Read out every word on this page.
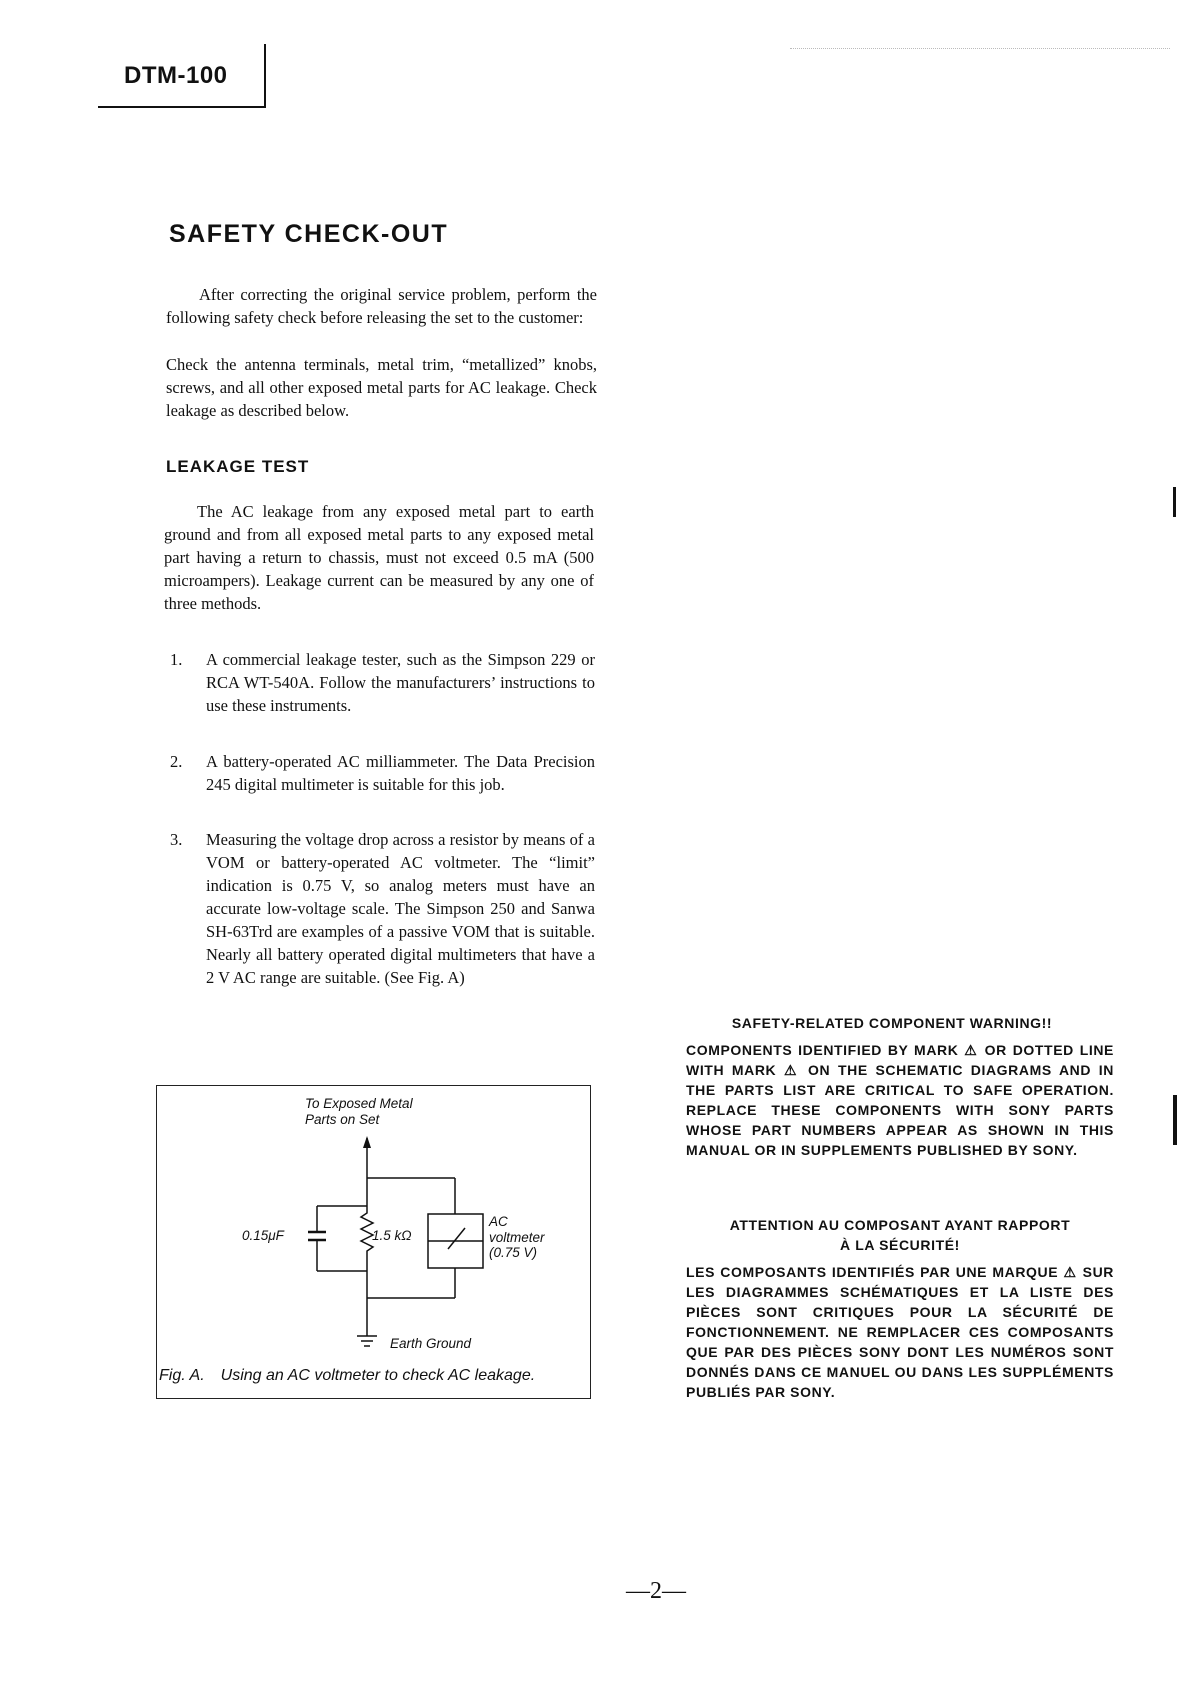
DTM-100
SAFETY CHECK-OUT

  After correcting the original service problem, perform the following safety check before releasing the set to the customer:

Check the antenna terminals, metal trim, “metallized” knobs, screws, and all other exposed metal parts for AC leakage. Check leakage as described below.

LEAKAGE TEST

  The AC leakage from any exposed metal part to earth ground and from all exposed metal parts to any exposed metal part having a return to chassis, must not exceed 0.5 mA (500 microampers). Leakage current can be measured by any one of three methods.

1. A commercial leakage tester, such as the Simpson 229 or RCA WT-540A. Follow the manufacturers’ instructions to use these instruments.

2. A battery-operated AC milliammeter. The Data Precision 245 digital multimeter is suitable for this job.

3. Measuring the voltage drop across a resistor by means of a VOM or battery-operated AC voltmeter. The “limit” indication is 0.75 V, so analog meters must have an accurate low-voltage scale. The Simpson 250 and Sanwa SH-63Trd are examples of a passive VOM that is suitable. Nearly all battery operated digital multimeters that have a 2 V AC range are suitable. (See Fig. A)

To Exposed Metal
Parts on Set
0.15μF	1.5 kΩ
AC
voltmeter
(0.75 V)
Earth Ground
Fig. A. Using an AC voltmeter to check AC leakage.

SAFETY-RELATED COMPONENT WARNING!!

COMPONENTS IDENTIFIED BY MARK ⚠ OR DOTTED LINE WITH MARK ⚠ ON THE SCHEMATIC DIAGRAMS AND IN THE PARTS LIST ARE CRITICAL TO SAFE OPERATION. REPLACE THESE COMPONENTS WITH SONY PARTS WHOSE PART NUMBERS APPEAR AS SHOWN IN THIS MANUAL OR IN SUPPLEMENTS PUBLISHED BY SONY.

ATTENTION AU COMPOSANT AYANT RAPPORT
À LA SÉCURITÉ!

LES COMPOSANTS IDENTIFIÉS PAR UNE MARQUE ⚠ SUR LES DIAGRAMMES SCHÉMATIQUES ET LA LISTE DES PIÈCES SONT CRITIQUES POUR LA SÉCURITÉ DE FONCTIONNEMENT. NE REMPLACER CES COMPOSANTS QUE PAR DES PIÈCES SONY DONT LES NUMÉROS SONT DONNÉS DANS CE MANUEL OU DANS LES SUPPLÉMENTS PUBLIÉS PAR SONY.

—2—
